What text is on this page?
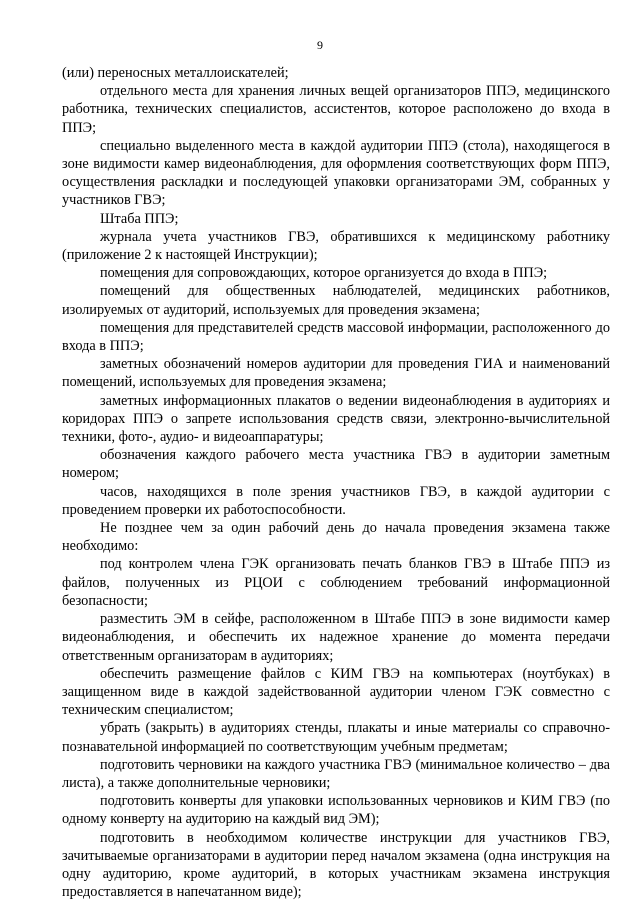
9

(или) переносных металлоискателей;

отдельного места для хранения личных вещей организаторов ППЭ, медицинского работника, технических специалистов, ассистентов, которое расположено до входа в ППЭ;

специально выделенного места в каждой аудитории ППЭ (стола), находящегося в зоне видимости камер видеонаблюдения, для оформления соответствующих форм ППЭ, осуществления раскладки и последующей упаковки организаторами ЭМ, собранных у участников ГВЭ;

Штаба ППЭ;

журнала учета участников ГВЭ, обратившихся к медицинскому работнику (приложение 2 к настоящей Инструкции);

помещения для сопровождающих, которое организуется до входа в ППЭ;

помещений для общественных наблюдателей, медицинских работников, изолируемых от аудиторий, используемых для проведения экзамена;

помещения для представителей средств массовой информации, расположенного до входа в ППЭ;

заметных обозначений номеров аудитории для проведения ГИА и наименований помещений, используемых для проведения экзамена;

заметных информационных плакатов о ведении видеонаблюдения в аудиториях и коридорах ППЭ о запрете использования средств связи, электронно-вычислительной техники, фото-, аудио- и видеоаппаратуры;

обозначения каждого рабочего места участника ГВЭ в аудитории заметным номером;

часов, находящихся в поле зрения участников ГВЭ, в каждой аудитории с проведением проверки их работоспособности.

Не позднее чем за один рабочий день до начала проведения экзамена также необходимо:

под контролем члена ГЭК организовать печать бланков ГВЭ в Штабе ППЭ из файлов, полученных из РЦОИ с соблюдением требований информационной безопасности;

разместить ЭМ в сейфе, расположенном в Штабе ППЭ в зоне видимости камер видеонаблюдения, и обеспечить их надежное хранение до момента передачи ответственным организаторам в аудиториях;

обеспечить размещение файлов с КИМ ГВЭ на компьютерах (ноутбуках) в защищенном виде в каждой задействованной аудитории членом ГЭК совместно с техническим специалистом;

убрать (закрыть) в аудиториях стенды, плакаты и иные материалы со справочно-познавательной информацией по соответствующим учебным предметам;

подготовить черновики на каждого участника ГВЭ (минимальное количество – два листа), а также дополнительные черновики;

подготовить конверты для упаковки использованных черновиков и КИМ ГВЭ (по одному конверту на аудиторию на каждый вид ЭМ);

подготовить в необходимом количестве инструкции для участников ГВЭ, зачитываемые организаторами в аудитории перед началом экзамена (одна инструкция на одну аудиторию, кроме аудиторий, в которых участникам экзамена инструкция предоставляется в напечатанном виде);
